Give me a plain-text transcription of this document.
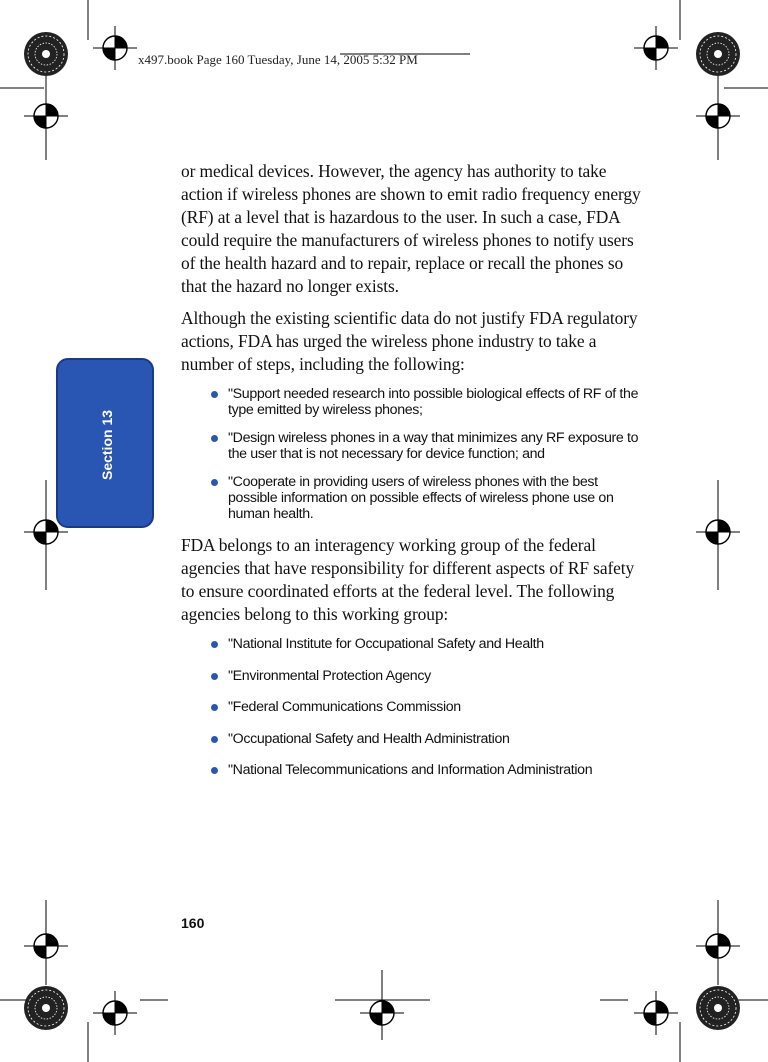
x497.book Page 160 Tuesday, June 14, 2005 5:32 PM
Section 13

or medical devices. However, the agency has authority to take action if wireless phones are shown to emit radio frequency energy (RF) at a level that is hazardous to the user. In such a case, FDA could require the manufacturers of wireless phones to notify users of the health hazard and to repair, replace or recall the phones so that the hazard no longer exists.

Although the existing scientific data do not justify FDA regulatory actions, FDA has urged the wireless phone industry to take a number of steps, including the following:

"Support needed research into possible biological effects of RF of the type emitted by wireless phones;
"Design wireless phones in a way that minimizes any RF exposure to the user that is not necessary for device function; and
"Cooperate in providing users of wireless phones with the best possible information on possible effects of wireless phone use on human health.

FDA belongs to an interagency working group of the federal agencies that have responsibility for different aspects of RF safety to ensure coordinated efforts at the federal level. The following agencies belong to this working group:

"National Institute for Occupational Safety and Health
"Environmental Protection Agency
"Federal Communications Commission
"Occupational Safety and Health Administration
"National Telecommunications and Information Administration
160
